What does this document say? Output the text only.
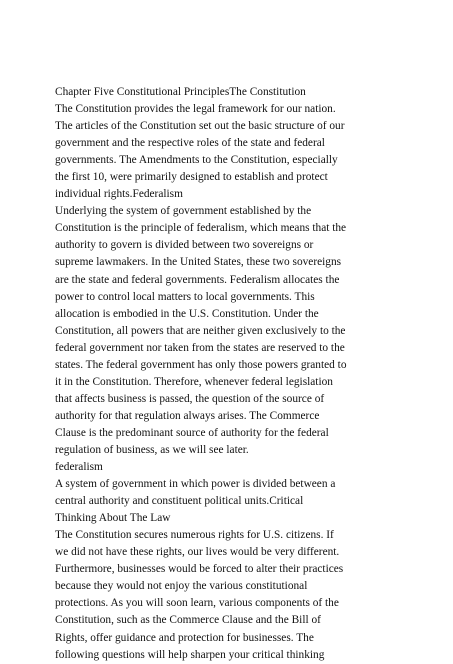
Chapter Five Constitutional PrinciplesThe Constitution
The Constitution provides the legal framework for our nation.
The articles of the Constitution set out the basic structure of our
government and the respective roles of the state and federal
governments. The Amendments to the Constitution, especially
the first 10, were primarily designed to establish and protect
individual rights.Federalism
Underlying the system of government established by the
Constitution is the principle of federalism, which means that the
authority to govern is divided between two sovereigns or
supreme lawmakers. In the United States, these two sovereigns
are the state and federal governments. Federalism allocates the
power to control local matters to local governments. This
allocation is embodied in the U.S. Constitution. Under the
Constitution, all powers that are neither given exclusively to the
federal government nor taken from the states are reserved to the
states. The federal government has only those powers granted to
it in the Constitution. Therefore, whenever federal legislation
that affects business is passed, the question of the source of
authority for that regulation always arises. The Commerce
Clause is the predominant source of authority for the federal
regulation of business, as we will see later.
federalism
A system of government in which power is divided between a
central authority and constituent political units.Critical
Thinking About The Law
The Constitution secures numerous rights for U.S. citizens. If
we did not have these rights, our lives would be very different.
Furthermore, businesses would be forced to alter their practices
because they would not enjoy the various constitutional
protections. As you will soon learn, various components of the
Constitution, such as the Commerce Clause and the Bill of
Rights, offer guidance and protection for businesses. The
following questions will help sharpen your critical thinking
